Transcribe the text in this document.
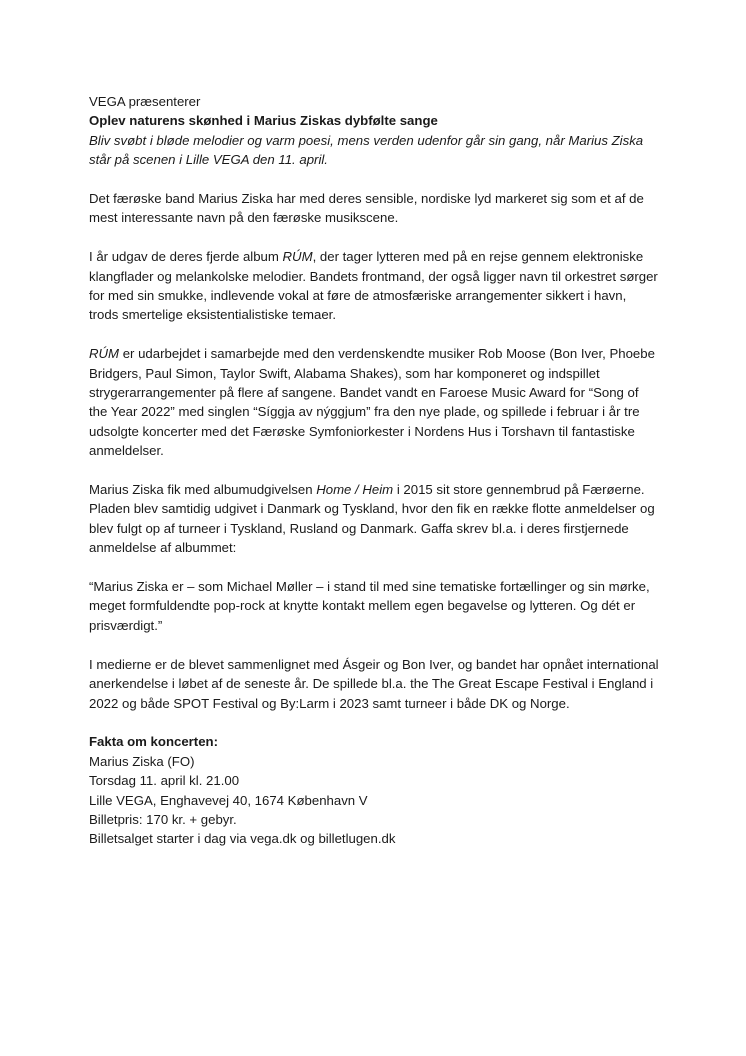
VEGA præsenterer
Oplev naturens skønhed i Marius Ziskas dybfølte sange
Bliv svøbt i bløde melodier og varm poesi, mens verden udenfor går sin gang, når Marius Ziska står på scenen i Lille VEGA den 11. april.

Det færøske band Marius Ziska har med deres sensible, nordiske lyd markeret sig som et af de mest interessante navn på den færøske musikscene.

I år udgav de deres fjerde album RÚM, der tager lytteren med på en rejse gennem elektroniske klangflader og melankolske melodier. Bandets frontmand, der også ligger navn til orkestret sørger for med sin smukke, indlevende vokal at føre de atmosfæriske arrangementer sikkert i havn, trods smertelige eksistentialistiske temaer.

RÚM er udarbejdet i samarbejde med den verdenskendte musiker Rob Moose (Bon Iver, Phoebe Bridgers, Paul Simon, Taylor Swift, Alabama Shakes), som har komponeret og indspillet strygerarrangementer på flere af sangene. Bandet vandt en Faroese Music Award for “Song of the Year 2022” med singlen “Síggja av nýggjum” fra den nye plade, og spillede i februar i år tre udsolgte koncerter med det Færøske Symfoniorkester i Nordens Hus i Torshavn til fantastiske anmeldelser.

Marius Ziska fik med albumudgivelsen Home / Heim i 2015 sit store gennembrud på Færøerne. Pladen blev samtidig udgivet i Danmark og Tyskland, hvor den fik en række flotte anmeldelser og blev fulgt op af turneer i Tyskland, Rusland og Danmark. Gaffa skrev bl.a. i deres firstjernede anmeldelse af albummet:

“Marius Ziska er – som Michael Møller – i stand til med sine tematiske fortællinger og sin mørke, meget formfuldendte pop-rock at knytte kontakt mellem egen begavelse og lytteren. Og dét er prisværdigt.”

I medierne er de blevet sammenlignet med Ásgeir og Bon Iver, og bandet har opnået international anerkendelse i løbet af de seneste år. De spillede bl.a. the The Great Escape Festival i England i 2022 og både SPOT Festival og By:Larm i 2023 samt turneer i både DK og Norge.

Fakta om koncerten:
Marius Ziska (FO)
Torsdag 11. april kl. 21.00
Lille VEGA, Enghavevej 40, 1674 København V
Billetpris: 170 kr. + gebyr.
Billetsalget starter i dag via vega.dk og billetlugen.dk
